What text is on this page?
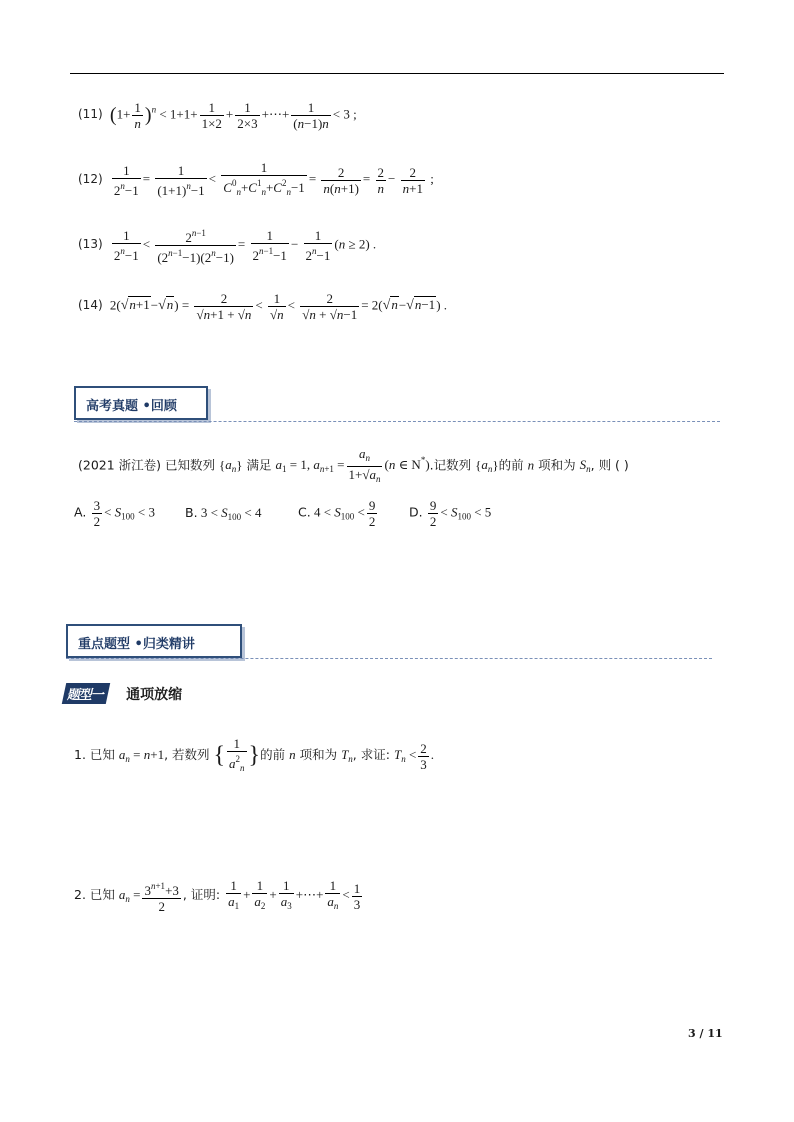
(11) $(1+ \frac{1}{n} )^n < 1+1+ \frac{1}{1\times 2} + \frac{1}{2\times 3}$ +⋯+ $\frac{1}{(n-1)n} < 3$ ;
$(12) \frac{1}{2^n-1} = \frac{1}{(1+1)^n-1} < \frac{1}{C^0_n+C^1_n+C^2_n-1} = \frac{2}{n(n+1)} = \frac{2}{n} - \frac{2}{n+1}$ ;
$(13) \frac{1}{2^n-1} < \frac{2^{n-1}}{(2^{n-1}-1)(2^n-1)} = \frac{1}{2^{n-1}-1} - \frac{1}{2^n-1} (n \ge 2)$ .
(14) $2(√n+1-√n) = \frac{2}{√n+1 + √n} < \frac{1}{√n} < \frac{2}{√n + √n-1} = 2(√n-√n-1)$ .
高考真题 •回顾
(2021 浙江卷) 已知数列 $\{a_n\}$ 满足 $a_1 = 1$, $a_{n+1} = \frac{a_n}{1+√a_n} (n$ ∈ N*).记数列 $\{a_n\}$的前 n 项和为 $S_n$, 则 ( )
A. $\frac{3}{2} < S_{100} < 3$ B. $3 < S_{100} < 4$	C. $4 < S_{100} < \frac{9}{2}$	D. $\frac{9}{2} < S_{100} < 5$
重点题型 •归类精讲
题型一 通项放缩
1. 已知 $a_n = n+1$, 若数列 { $\frac{1}{a^2_n}$ }的前 n 项和为 $T_n$, 求证: $T_n < \frac{2}{3}$ .
2. 已知 $a_n = \frac{3^{n+1}+3}{2}$ , 证明: $\frac{1}{a_1} + \frac{1}{a_2} + \frac{1}{a_3}$ +⋯+ $\frac{1}{a_n} < \frac{1}{3}$
3 / 11
